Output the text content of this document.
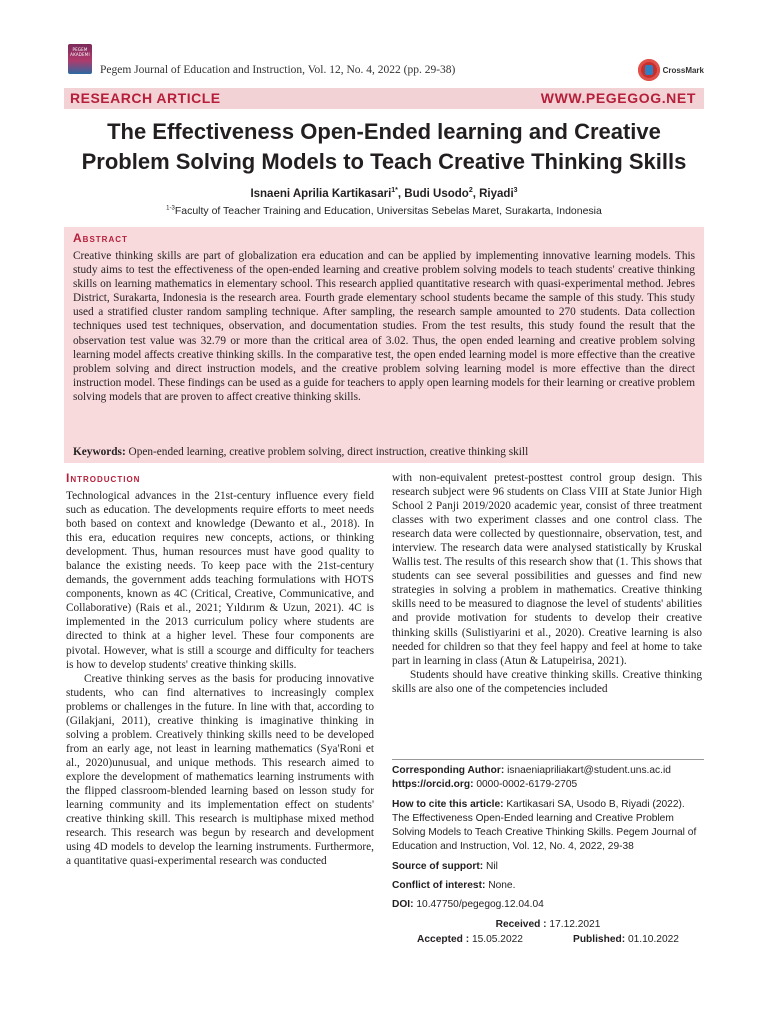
PEGEM AKADEMI
Pegem Journal of Education and Instruction, Vol. 12, No. 4, 2022 (pp. 29-38)	CrossMark
RESEARCH ARTICLE	WWW.PEGEGOG.NET
The Effectiveness Open-Ended learning and Creative Problem Solving Models to Teach Creative Thinking Skills
Isnaeni Aprilia Kartikasari$^{1*}$, Budi Usodo$^2$, Riyadi$^3$
$^{1-3}$Faculty of Teacher Training and Education, Universitas Sebelas Maret, Surakarta, Indonesia
Abstract
Creative thinking skills are part of globalization era education and can be applied by implementing innovative learning models. This study aims to test the effectiveness of the open-ended learning and creative problem solving models to teach students' creative thinking skills on learning mathematics in elementary school. This research applied quantitative research with quasi-experimental method. Jebres District, Surakarta, Indonesia is the research area. Fourth grade elementary school students became the sample of this study. This study used a stratified cluster random sampling technique. After sampling, the research sample amounted to 270 students. Data collection techniques used test techniques, observation, and documentation studies. From the test results, this study found the result that the observation test value was 32.79 or more than the critical area of 3.02. Thus, the open ended learning and creative problem solving learning model affects creative thinking skills. In the comparative test, the open ended learning model is more effective than the creative problem solving and direct instruction models, and the creative problem solving learning model is more effective than the direct instruction model. These findings can be used as a guide for teachers to apply open learning models for their learning or creative problem solving models that are proven to affect creative thinking skills.
Keywords: Open-ended learning, creative problem solving, direct instruction, creative thinking skill
Introduction

Technological advances in the 21st-century influence every field such as education. The developments require efforts to meet needs both based on context and knowledge (Dewanto et al., 2018). In this era, education requires new concepts, actions, or thinking development. Thus, human resources must have good quality to balance the existing needs. To keep pace with the 21st-century demands, the government adds teaching formulations with HOTS components, known as 4C (Critical, Creative, Communicative, and Collaborative) (Rais et al., 2021; Yıldırım & Uzun, 2021). 4C is implemented in the 2013 curriculum policy where students are directed to think at a higher level. These four components are pivotal. However, what is still a scourge and difficulty for teachers is how to develop students' creative thinking skills.

Creative thinking serves as the basis for producing innovative students, who can find alternatives to increasingly complex problems or challenges in the future. In line with that, according to (Gilakjani, 2011), creative thinking is imaginative thinking in solving a problem. Creatively thinking skills need to be developed from an early age, not least in learning mathematics (Sya'Roni et al., 2020)unusual, and unique methods. This research aimed to explore the development of mathematics learning instruments with the flipped classroom-blended learning based on lesson study for learning community and its implementation effect on students' creative thinking skill. This research is multiphase mixed method research. This research was begun by research and development using 4D models to develop the learning instruments. Furthermore, a quantitative quasi-experimental research was conducted

with non-equivalent pretest-posttest control group design. This research subject were 96 students on Class VIII at State Junior High School 2 Panji 2019/2020 academic year, consist of three treatment classes with two experiment classes and one control class. The research data were collected by questionnaire, observation, test, and interview. The research data were analysed statistically by Kruskal Wallis test. The results of this research show that (1. This shows that students can see several possibilities and guesses and find new strategies in solving a problem in mathematics. Creative thinking skills need to be measured to diagnose the level of students' abilities and provide motivation for students to develop their creative thinking skills (Sulistiyarini et al., 2020). Creative learning is also needed for children so that they feel happy and feel at home to take part in learning in class (Atun & Latupeirisa, 2021).

Students should have creative thinking skills. Creative thinking skills are also one of the competencies included

Corresponding Author: isnaeniapriliakart@student.uns.ac.id
https://orcid.org: 0000-0002-6179-2705
How to cite this article: Kartikasari SA, Usodo B, Riyadi (2022). The Effectiveness Open-Ended learning and Creative Problem Solving Models to Teach Creative Thinking Skills. Pegem Journal of Education and Instruction, Vol. 12, No. 4, 2022, 29-38
Source of support: Nil
Conflict of interest: None.
DOI: 10.47750/pegegog.12.04.04
Received : 17.12.2021
Accepted : 15.05.2022	Published: 01.10.2022
